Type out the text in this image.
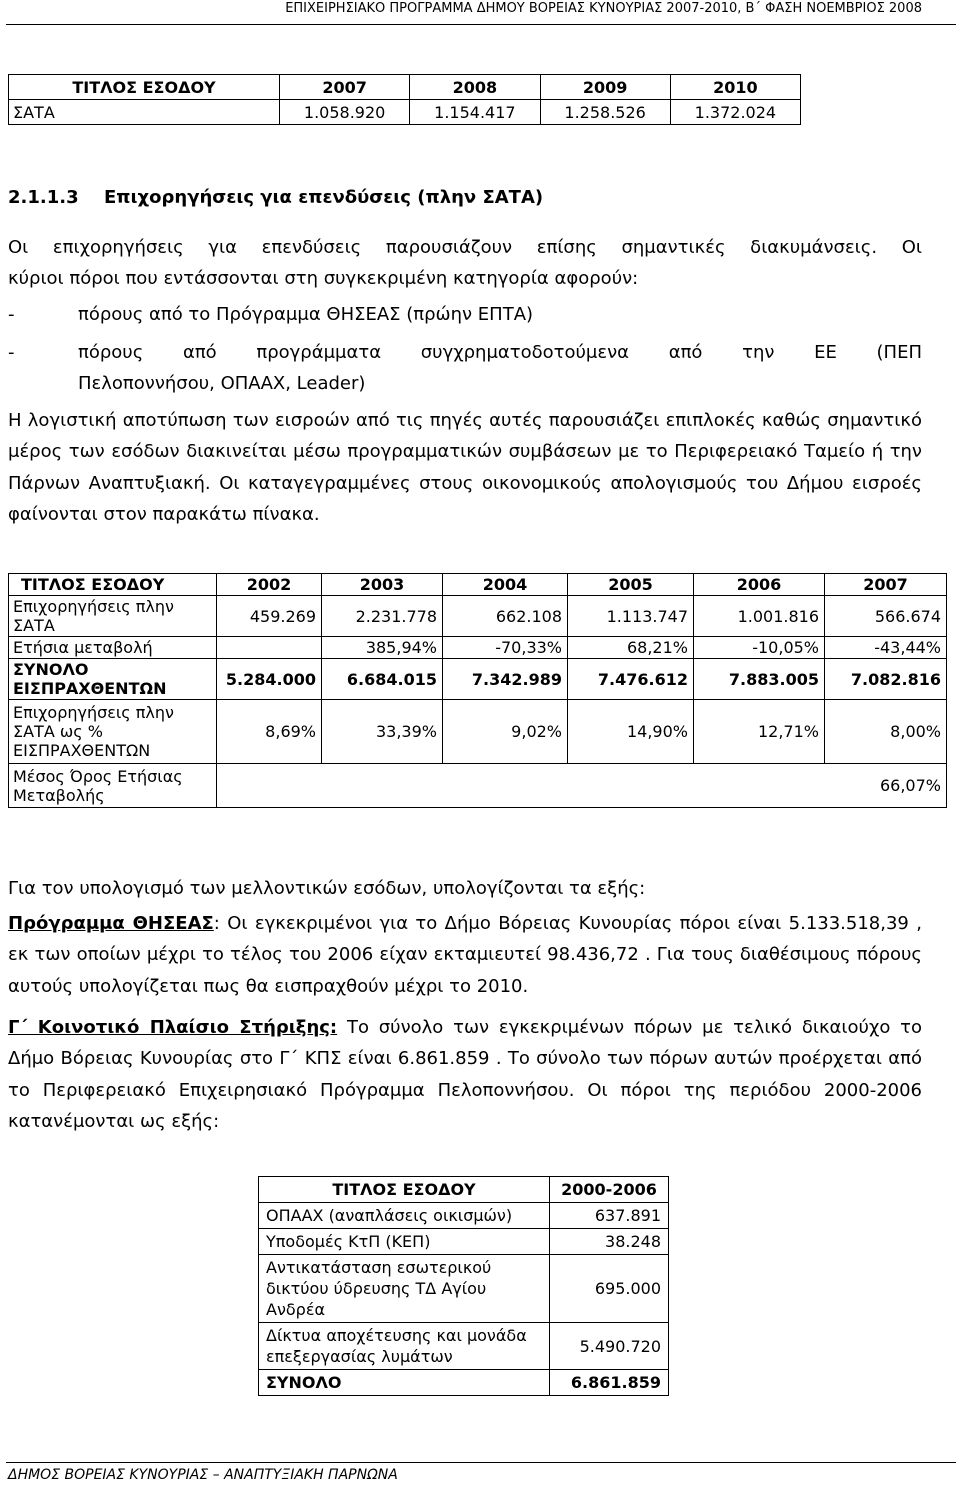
ΕΠΙΧΕΙΡΗΣΙΑΚΟ ΠΡΟΓΡΑΜΜΑ ΔΗΜΟΥ ΒΟΡΕΙΑΣ ΚΥΝΟΥΡΙΑΣ 2007-2010, Β΄ ΦΑΣΗ ΝΟΕΜΒΡΙΟΣ 2008
ΤΙΤΛΟΣ ΕΣΟΔΟΥ	2007	2008	2009	2010
ΣΑΤΑ	1.058.920	1.154.417	1.258.526	1.372.024
2.1.1.3 Επιχορηγήσεις για επενδύσεις (πλην ΣΑΤΑ)
Οι επιχορηγήσεις για επενδύσεις παρουσιάζουν επίσης σημαντικές διακυμάνσεις. Οι
κύριοι πόροι που εντάσσονται στη συγκεκριμένη κατηγορία αφορούν:
-	πόρους από το Πρόγραμμα ΘΗΣΕΑΣ (πρώην ΕΠΤΑ)
-	πόρους από προγράμματα συγχρηματοδοτούμενα από την ΕΕ (ΠΕΠ
Πελοποννήσου, ΟΠΑΑΧ, Leader)
Η λογιστική αποτύπωση των εισροών από τις πηγές αυτές παρουσιάζει επιπλοκές καθώς σημαντικό μέρος των εσόδων διακινείται μέσω προγραμματικών συμβάσεων με το Περιφερειακό Ταμείο ή την Πάρνων Αναπτυξιακή. Οι καταγεγραμμένες στους οικονομικούς απολογισμούς του Δήμου εισροές φαίνονται στον παρακάτω πίνακα.
ΤΙΤΛΟΣ ΕΣΟΔΟΥ	2002	2003	2004	2005	2006	2007
Επιχορηγήσεις πλην ΣΑΤΑ	459.269	2.231.778	662.108	1.113.747	1.001.816	566.674
Ετήσια μεταβολή		385,94%	-70,33%	68,21%	-10,05%	-43,44%
ΣΥΝΟΛΟ ΕΙΣΠΡΑΧΘΕΝΤΩΝ	5.284.000	6.684.015	7.342.989	7.476.612	7.883.005	7.082.816
Επιχορηγήσεις πλην ΣΑΤΑ ως % ΕΙΣΠΡΑΧΘΕΝΤΩΝ	8,69%	33,39%	9,02%	14,90%	12,71%	8,00%
Μέσος Όρος Ετήσιας Μεταβολής	66,07%					
Για τον υπολογισμό των μελλοντικών εσόδων, υπολογίζονται τα εξής:
Πρόγραμμα ΘΗΣΕΑΣ: Οι εγκεκριμένοι για το Δήμο Βόρειας Κυνουρίας πόροι είναι 5.133.518,39 , εκ των οποίων μέχρι το τέλος του 2006 είχαν εκταμιευτεί 98.436,72 . Για τους διαθέσιμους πόρους αυτούς υπολογίζεται πως θα εισπραχθούν μέχρι το 2010.
Γ΄ Κοινοτικό Πλαίσιο Στήριξης: Το σύνολο των εγκεκριμένων πόρων με τελικό δικαιούχο το Δήμο Βόρειας Κυνουρίας στο Γ΄ ΚΠΣ είναι 6.861.859 . Το σύνολο των πόρων αυτών προέρχεται από το Περιφερειακό Επιχειρησιακό Πρόγραμμα Πελοποννήσου. Οι πόροι της περιόδου 2000-2006 κατανέμονται ως εξής:
ΤΙΤΛΟΣ ΕΣΟΔΟΥ	2000-2006
ΟΠΑΑΧ (αναπλάσεις οικισμών)	637.891
Υποδομές ΚτΠ (ΚΕΠ)	38.248
Αντικατάσταση εσωτερικού δικτύου ύδρευσης ΤΔ Αγίου Ανδρέα	695.000
Δίκτυα αποχέτευσης και μονάδα επεξεργασίας λυμάτων	5.490.720
ΣΥΝΟΛΟ	6.861.859
ΔΗΜΟΣ ΒΟΡΕΙΑΣ ΚΥΝΟΥΡΙΑΣ – ΑΝΑΠΤΥΞΙΑΚΗ ΠΑΡΝΩΝΑ
